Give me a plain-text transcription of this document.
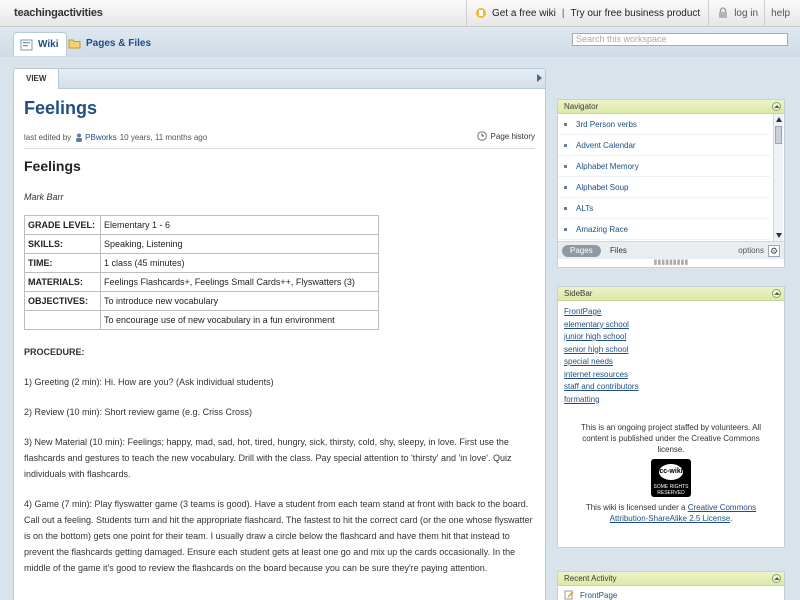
teachingactivities	Get a free wiki | Try our free business product	log in help
Wiki	Pages & Files	Search this workspace
VIEW
Feelings
last edited by PBworks 10 years, 11 months ago	Page history
Feelings
Mark Barr
GRADE LEVEL:	Elementary 1 - 6
SKILLS:	Speaking, Listening
TIME:	1 class (45 minutes)
MATERIALS:	Feelings Flashcards+, Feelings Small Cards++, Flyswatters (3)
OBJECTIVES:	To introduce new vocabulary
	To encourage use of new vocabulary in a fun environment
PROCEDURE:
1) Greeting (2 min): Hi. How are you? (Ask individual students)
2) Review (10 min): Short review game (e.g. Criss Cross)
3) New Material (10 min): Feelings; happy, mad, sad, hot, tired, hungry, sick, thirsty, cold, shy, sleepy, in love. First use the flashcards and gestures to teach the new vocabulary. Drill with the class. Pay special attention to 'thirsty' and 'in love'. Quiz individuals with flashcards.
4) Game (7 min): Play flyswatter game (3 teams is good). Have a student from each team stand at front with back to the board. Call out a feeling. Students turn and hit the appropriate flashcard. The fastest to hit the correct card (or the one whose flyswatter is on the bottom) gets one point for their team. I usually draw a circle below the flashcard and have them hit that instead to prevent the flashcards getting damaged. Ensure each student gets at least one go and mix up the cards occasionally. In the middle of the game it's good to review the flashcards on the board because you can be sure they're paying attention.
Navigator
3rd Person verbs
Advent Calendar
Alphabet Memory
Alphabet Soup
ALTs
Amazing Race
Pages	Files	options ⚙
▮▮▮▮▮▮▮▮▮
SideBar
FrontPage
elementary school
junior high school
senior high school
special needs
internet resources
staff and contributors
formatting
This is an ongoing project staffed by volunteers. All content is published under the Creative Commons license.
cc-wiki
SOME RIGHTS RESERVED
This wiki is licensed under a Creative Commons Attribution-ShareAlike 2.5 License.
Recent Activity
FrontPage
